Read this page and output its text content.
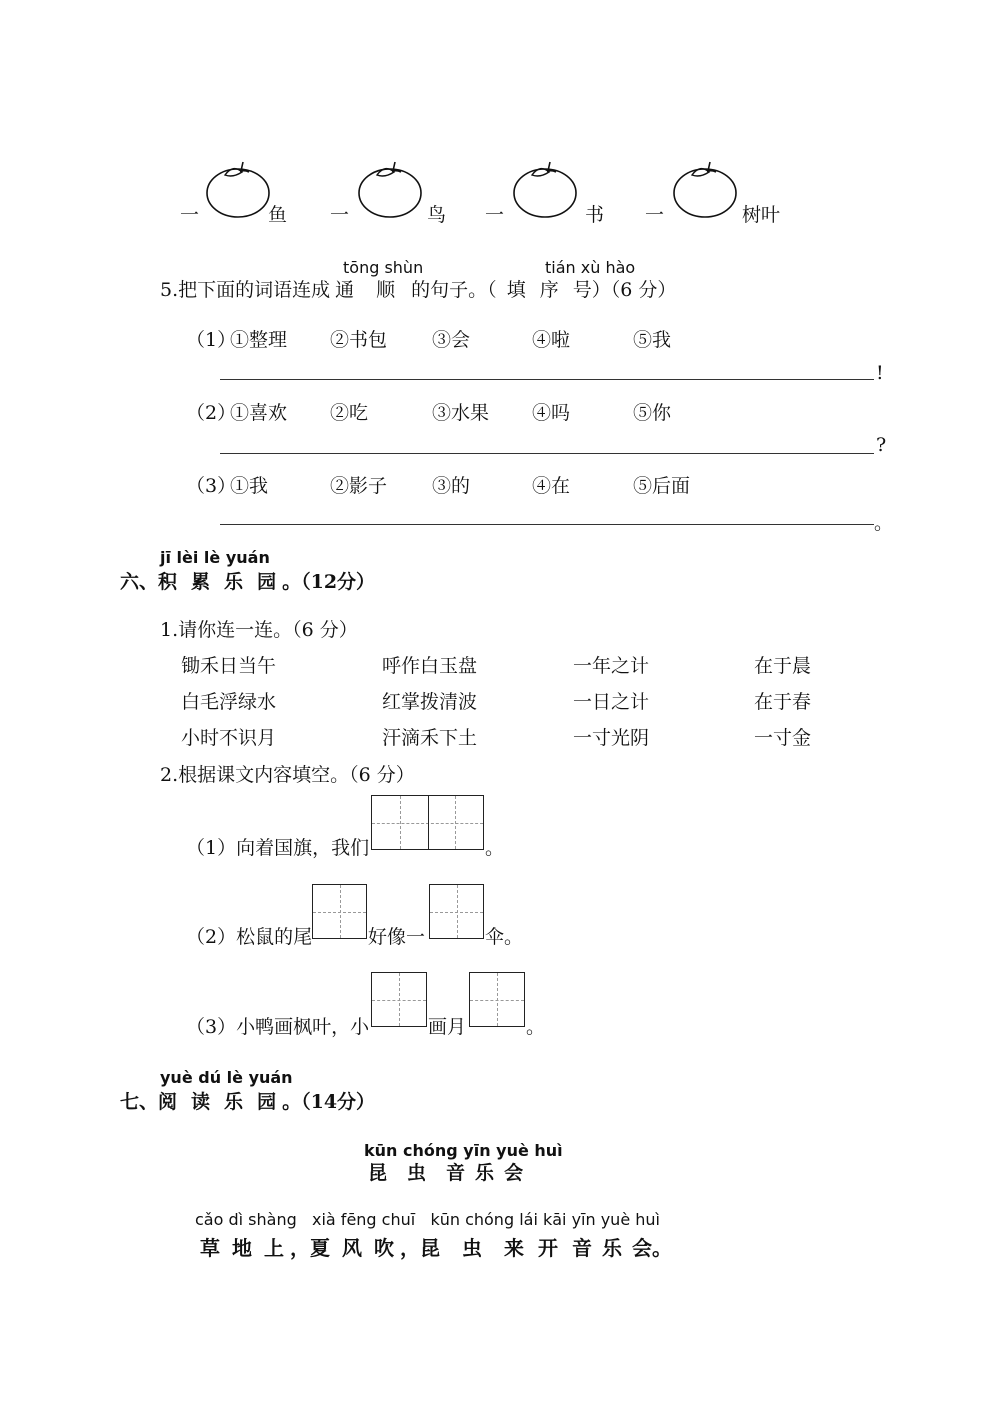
一	鱼 一	鸟 一	书 一	树叶
tōng shùn	tián xù hào
5.把下面的词语连成 通 顺 的句子。（ 填 序 号）（6 分）
（1）
①整理 ②书包 ③会	④啦	⑤我
!
（2）
①喜欢 ②吃	③水果 ④吗	⑤你
?
（3）
①我	②影子 ③的	④在	⑤后面
。
jī lèi lè yuán
六、积 累 乐 园 。（12分）
1.请你连一连。（6 分）
锄禾日当午	呼作白玉盘	一年之计	在于晨
白毛浮绿水	红掌拨清波	一日之计	在于春
小时不识月	汗滴禾下土	一寸光阴	一寸金
2.根据课文内容填空。（6 分）
（1）向着国旗，我们	。
（2）松鼠的尾	好像一	伞。
（3）小鸭画枫叶，小	画月	。
yuè dú lè yuán
七、阅 读 乐 园 。（14分）
kūn chóng yīn yuè huì
昆 虫 音 乐 会
cǎo dì shàng   xià fēng chuī   kūn chóng lái kāi yīn yuè huì
草 地 上 ，夏 风 吹 ，昆 虫 来 开 音 乐 会。
